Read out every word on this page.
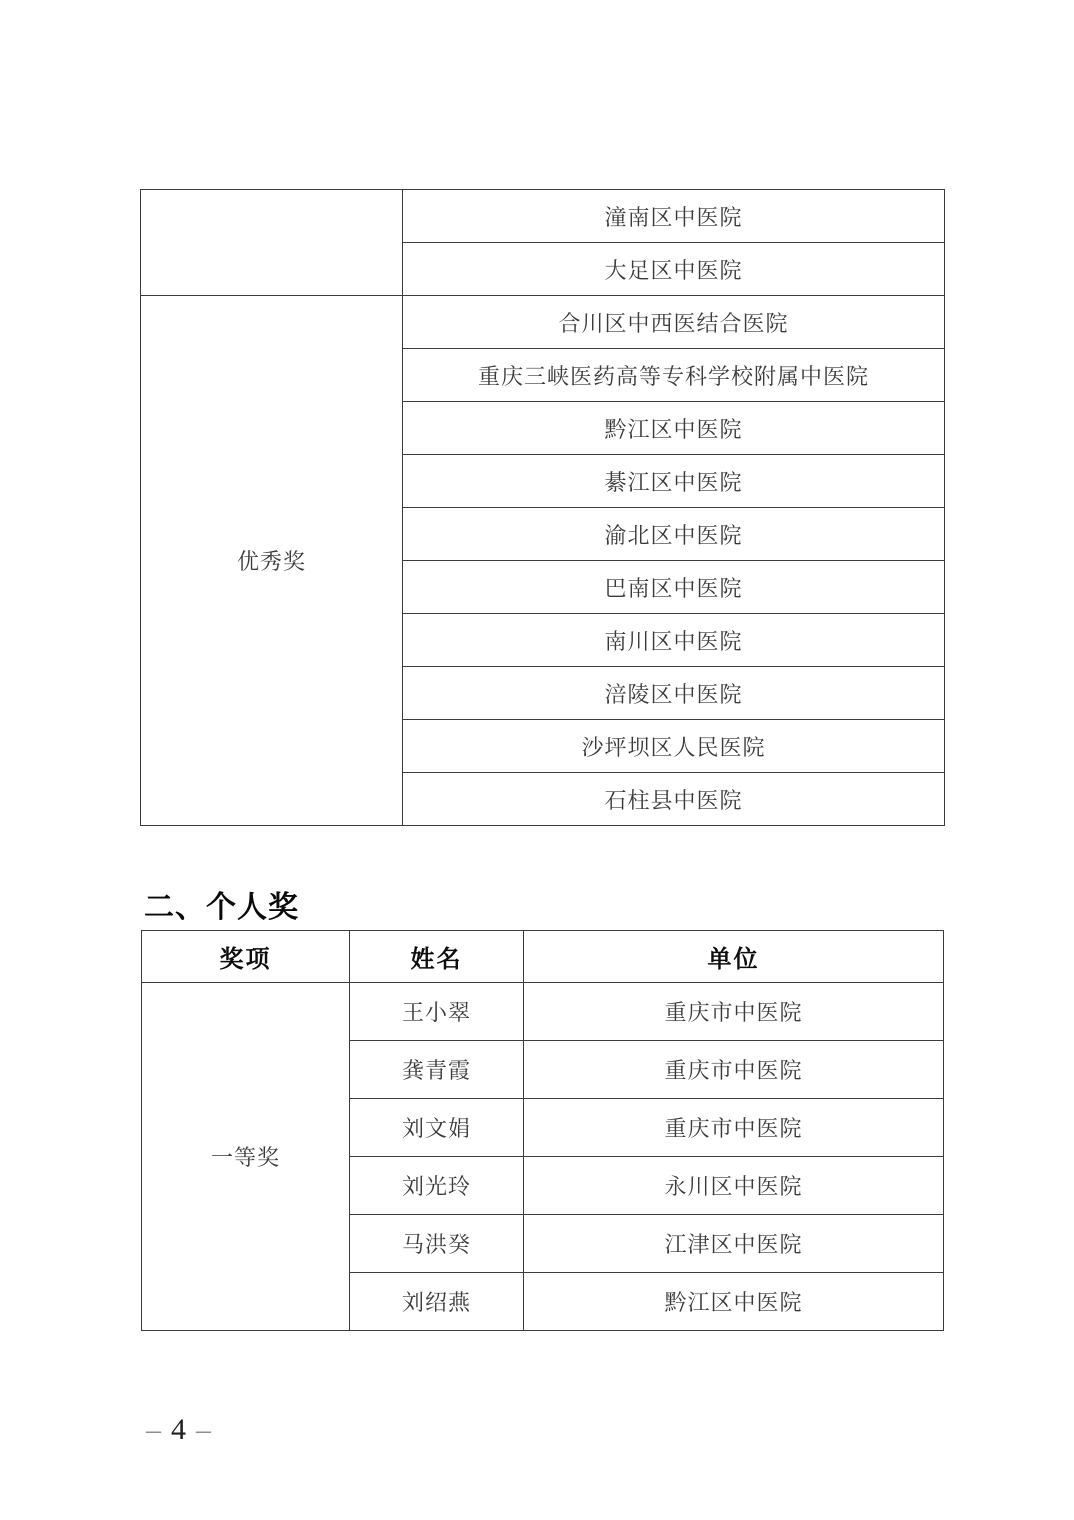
	潼南区中医院
	大足区中医院
优秀奖	合川区中西医结合医院
	重庆三峡医药高等专科学校附属中医院
	黔江区中医院
	綦江区中医院
	渝北区中医院
	巴南区中医院
	南川区中医院
	涪陵区中医院
	沙坪坝区人民医院
	石柱县中医院
二、个人奖
奖项	姓名	单位
一等奖	王小翠	重庆市中医院
	龚青霞	重庆市中医院
	刘文娟	重庆市中医院
	刘光玲	永川区中医院
	马洪癸	江津区中医院
	刘绍燕	黔江区中医院
– 4 –
